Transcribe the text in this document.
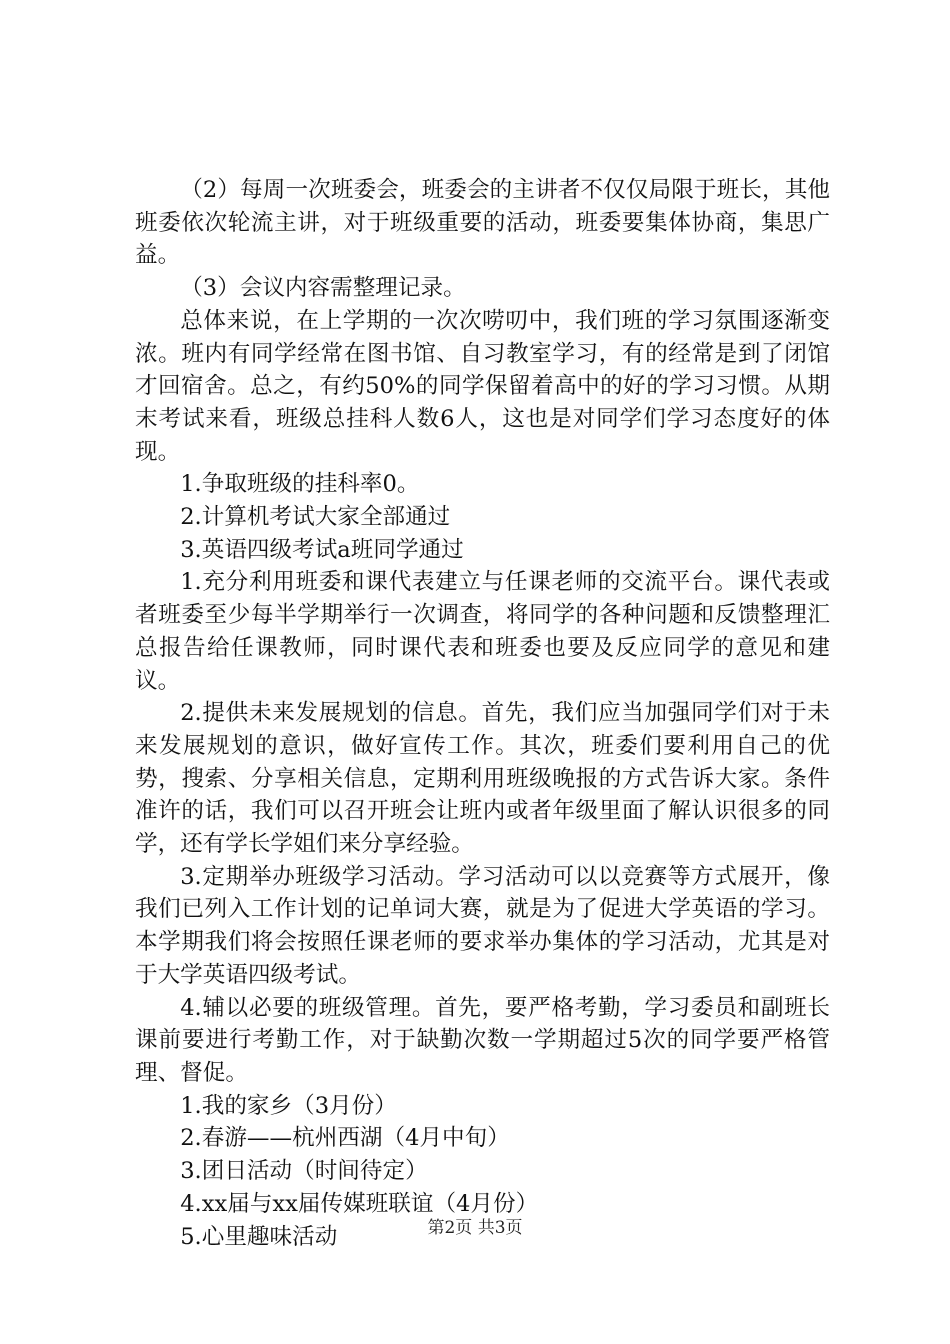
（2）每周一次班委会，班委会的主讲者不仅仅局限于班长，其他班委依次轮流主讲，对于班级重要的活动，班委要集体协商，集思广益。

（3）会议内容需整理记录。

总体来说，在上学期的一次次唠叨中，我们班的学习氛围逐渐变浓。班内有同学经常在图书馆、自习教室学习，有的经常是到了闭馆才回宿舍。总之，有约50%的同学保留着高中的好的学习习惯。从期末考试来看，班级总挂科人数6人，这也是对同学们学习态度好的体现。

1.争取班级的挂科率0。

2.计算机考试大家全部通过

3.英语四级考试a班同学通过

1.充分利用班委和课代表建立与任课老师的交流平台。课代表或者班委至少每半学期举行一次调查，将同学的各种问题和反馈整理汇总报告给任课教师，同时课代表和班委也要及反应同学的意见和建议。

2.提供未来发展规划的信息。首先，我们应当加强同学们对于未来发展规划的意识，做好宣传工作。其次，班委们要利用自己的优势，搜索、分享相关信息，定期利用班级晚报的方式告诉大家。条件准许的话，我们可以召开班会让班内或者年级里面了解认识很多的同学，还有学长学姐们来分享经验。

3.定期举办班级学习活动。学习活动可以以竞赛等方式展开，像我们已列入工作计划的记单词大赛，就是为了促进大学英语的学习。本学期我们将会按照任课老师的要求举办集体的学习活动，尤其是对于大学英语四级考试。

4.辅以必要的班级管理。首先，要严格考勤，学习委员和副班长课前要进行考勤工作，对于缺勤次数一学期超过5次的同学要严格管理、督促。

1.我的家乡（3月份）

2.春游——杭州西湖（4月中旬）

3.团日活动（时间待定）

4.xx届与xx届传媒班联谊（4月份）

5.心里趣味活动	第2页 共3页
